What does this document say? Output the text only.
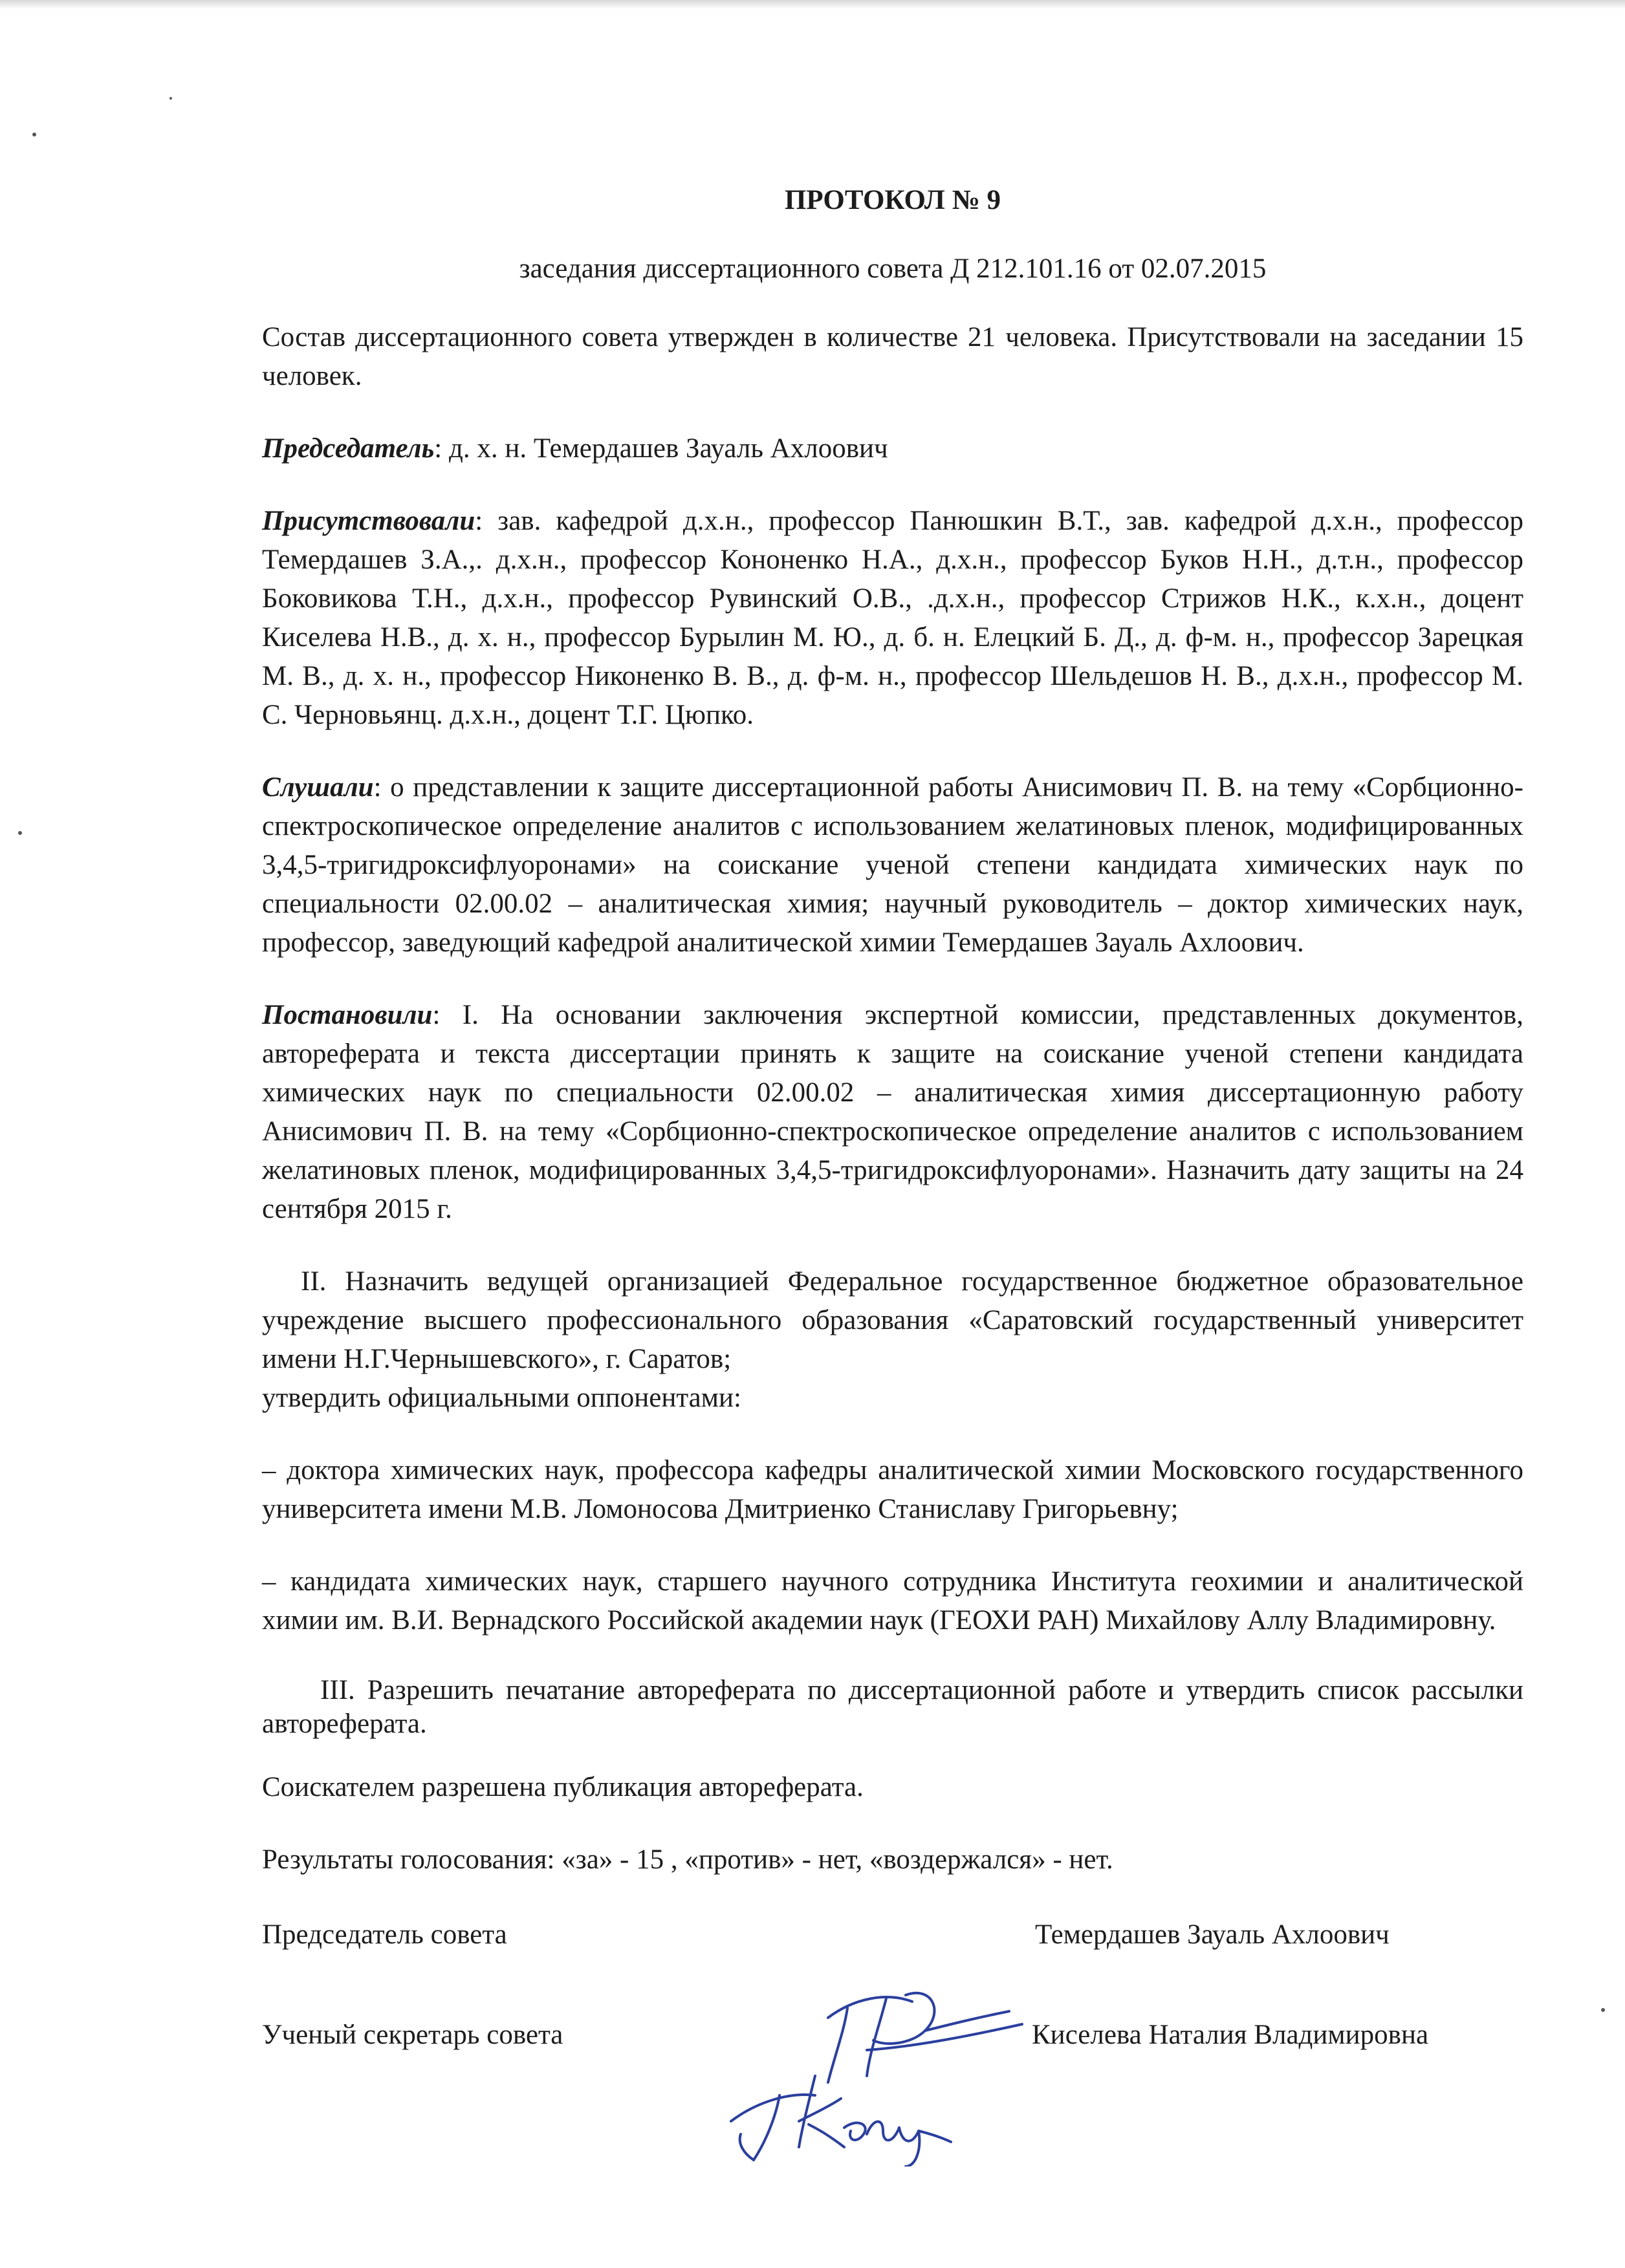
ПРОТОКОЛ № 9
заседания диссертационного совета Д 212.101.16 от 02.07.2015

Состав диссертационного совета утвержден в количестве 21 человека. Присутствовали на заседании 15 человек.

Председатель: д. х. н. Темердашев Зауаль Ахлоович

Присутствовали: зав. кафедрой д.х.н., профессор Панюшкин В.Т., зав. кафедрой д.х.н., профессор Темердашев З.А.,. д.х.н., профессор Кононенко Н.А., д.х.н., профессор Буков Н.Н., д.т.н., профессор Боковикова Т.Н., д.х.н., профессор Рувинский О.В., .д.х.н., профессор Стрижов Н.К., к.х.н., доцент Киселева Н.В., д. х. н., профессор Бурылин М. Ю., д. б. н. Елецкий Б. Д., д. ф-м. н., профессор Зарецкая М. В., д. х. н., профессор Никоненко В. В., д. ф-м. н., профессор Шельдешов Н. В., д.х.н., профессор М. С. Черновьянц. д.х.н., доцент Т.Г. Цюпко.

Слушали: о представлении к защите диссертационной работы Анисимович П. В. на тему «Сорбционно-спектроскопическое определение аналитов с использованием желатиновых пленок, модифицированных 3,4,5-тригидроксифлуоронами» на соискание ученой степени кандидата химических наук по специальности 02.00.02 – аналитическая химия; научный руководитель – доктор химических наук, профессор, заведующий кафедрой аналитической химии Темердашев Зауаль Ахлоович.

Постановили: I. На основании заключения экспертной комиссии, представленных документов, автореферата и текста диссертации принять к защите на соискание ученой степени кандидата химических наук по специальности 02.00.02 – аналитическая химия диссертационную работу Анисимович П. В. на тему «Сорбционно-спектроскопическое определение аналитов с использованием желатиновых пленок, модифицированных 3,4,5-тригидроксифлуоронами». Назначить дату защиты на 24 сентября 2015 г.

II. Назначить ведущей организацией Федеральное государственное бюджетное образовательное учреждение высшего профессионального образования «Саратовский государственный университет имени Н.Г.Чернышевского», г. Саратов;

утвердить официальными оппонентами:

– доктора химических наук, профессора кафедры аналитической химии Московского государственного университета имени М.В. Ломоносова Дмитриенко Станиславу Григорьевну;

– кандидата химических наук, старшего научного сотрудника Института геохимии и аналитической химии им. В.И. Вернадского Российской академии наук (ГЕОХИ РАН) Михайлову Аллу Владимировну.

III. Разрешить печатание автореферата по диссертационной работе и утвердить список рассылки автореферата.

Соискателем разрешена публикация автореферата.

Результаты голосования: «за» - 15 , «против» - нет, «воздержался» - нет.

Председатель совета	Темердашев Зауаль Ахлоович
Ученый секретарь совета	Киселева Наталия Владимировна
